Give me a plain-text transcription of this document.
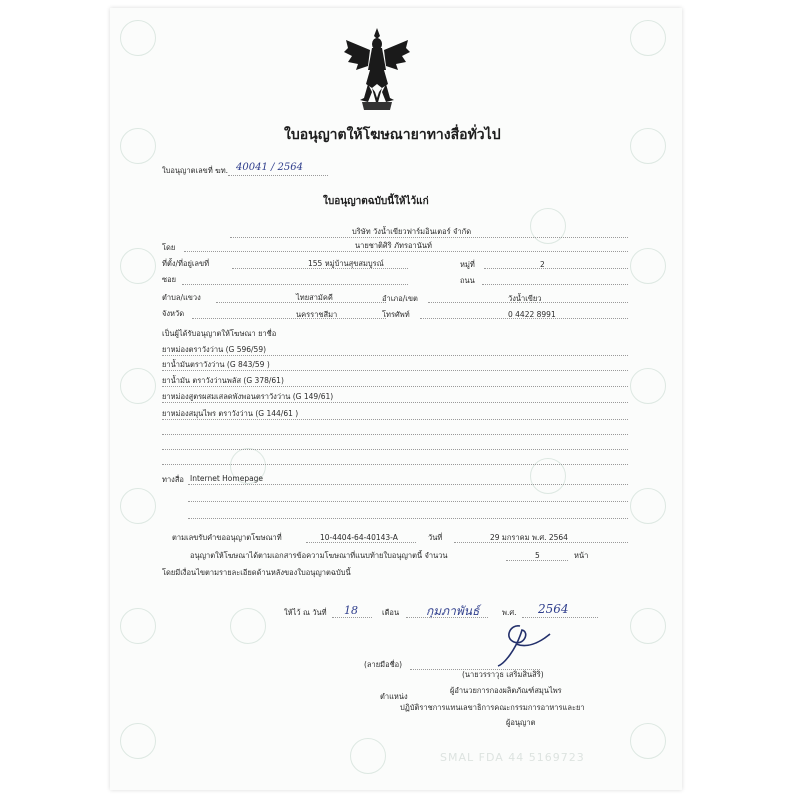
ใบอนุญาตให้โฆษณายาทางสื่อทั่วไป
ใบอนุญาตเลขที่ ฆท. 40041 / 2564
ใบอนุญาตฉบับนี้ให้ไว้แก่
บริษัท วังน้ำเขียวฟาร์มอินเตอร์ จำกัด
โดย	นายชาติศิริ ภัทรอานันท์
ที่ตั้ง/ที่อยู่เลขที่	155 หมู่บ้านสุขสมบูรณ์	หมู่ที่	2
ซอย	ถนน
ตำบล/แขวง	ไทยสามัคคี	อำเภอ/เขต	วังน้ำเขียว
จังหวัด	นครราชสีมา	โทรศัพท์	0 4422 8991
เป็นผู้ได้รับอนุญาตให้โฆษณา ยาชื่อ
ยาหม่องตราวังว่าน (G 596/59)
ยาน้ำมันตราวังว่าน (G 843/59 )
ยาน้ำมัน ตราวังว่านพลัส (G 378/61)
ยาหม่องสูตรผสมเสลดพังพอนตราวังว่าน (G 149/61)
ยาหม่องสมุนไพร ตราวังว่าน (G 144/61 )
ทางสื่อ Internet Homepage
ตามเลขรับคำขออนุญาตโฆษณาที่	10-4404-64-40143-A	วันที่	29 มกราคม พ.ศ. 2564
อนุญาตให้โฆษณาได้ตามเอกสารข้อความโฆษณาที่แนบท้ายใบอนุญาตนี้ จำนวน	5	หน้า
โดยมีเงื่อนไขตามรายละเอียดด้านหลังของใบอนุญาตฉบับนี้
ให้ไว้ ณ วันที่ 18	เดือน กุมภาพันธ์	พ.ศ. 2564
(ลายมือชื่อ)
(นายวรราวุธ เสริมสินสิริ)
ตำแหน่ง
ผู้อำนวยการกองผลิตภัณฑ์สมุนไพร
ปฏิบัติราชการแทนเลขาธิการคณะกรรมการอาหารและยา
ผู้อนุญาต
SMAL FDA 44 5169723
